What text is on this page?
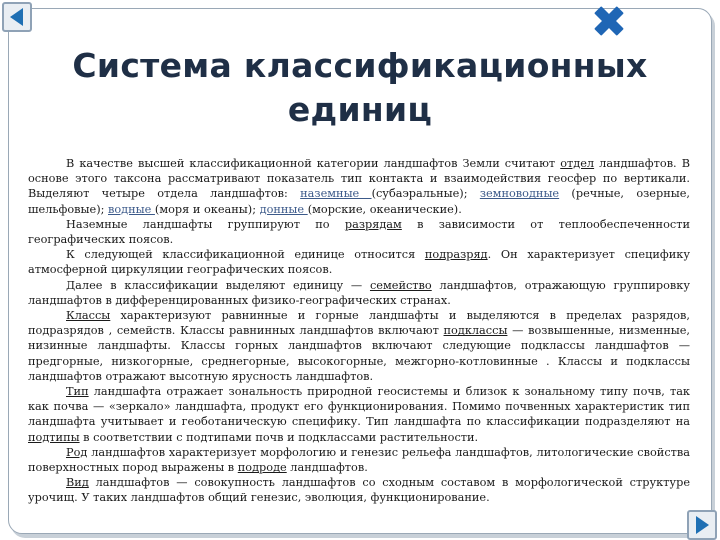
Система классификационных
единиц

В качестве высшей классификационной категории ландшафтов Земли считают отдел ландшафтов. В основе этого таксона рассматривают показатель тип контакта и взаимодействия геосфер по вертикали. Выделяют четыре отдела ландшафтов: наземные (субаэральные); земноводные (речные, озерные, шельфовые); водные (моря и океаны); донные (морские, океанические).

Наземные ландшафты группируют по разрядам в зависимости от теплообеспеченности географических поясов.

К следующей классификационной единице относится подразряд. Он характеризует специфику атмосферной циркуляции географических поясов.

Далее в классификации выделяют единицу — семейство ландшафтов, отражающую группировку ландшафтов в дифференцированных физико-географических странах.

Классы характеризуют равнинные и горные ландшафты и выделяются в пределах разрядов, подразрядов , семейств. Классы равнинных ландшафтов включают подклассы — возвышенные, низменные, низинные ландшафты. Классы горных ландшафтов включают следующие подклассы ландшафтов — предгорные, низкогорные, среднегорные, высокогорные, межгорно-котловинные . Классы и подклассы ландшафтов отражают высотную ярусность ландшафтов.

Тип ландшафта отражает зональность природной геосистемы и близок к зональному типу почв, так как почва — «зеркало» ландшафта, продукт его функционирования. Помимо почвенных характеристик тип ландшафта учитывает и геоботаническую специфику. Тип ландшафта по классификации подразделяют на подтипы в соответствии с подтипами почв и подклассами растительности.

Род ландшафтов характеризует морфологию и генезис рельефа ландшафтов, литологические свойства поверхностных пород выражены в подроде ландшафтов.

Вид ландшафтов — совокупность ландшафтов со сходным составом в морфологической структуре урочищ. У таких ландшафтов общий генезис, эволюция, функционирование.
